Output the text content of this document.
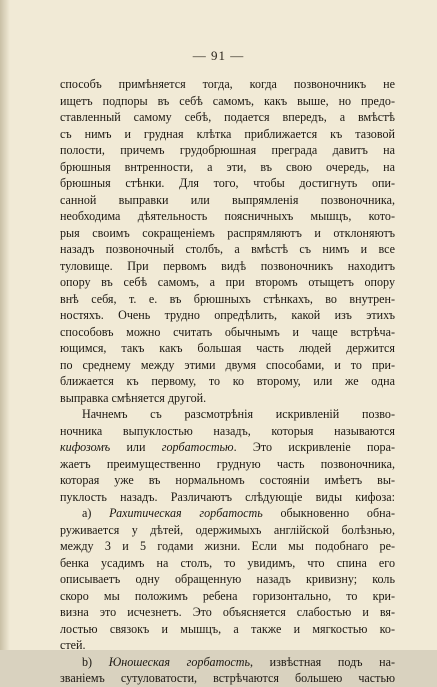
— 91 —
способъ примѣняется тогда, когда позвоночникъ не
ищетъ подпоры въ себѣ самомъ, какъ выше, но предо-
ставленный самому себѣ, подается впередъ, а вмѣстѣ
съ нимъ и грудная клѣтка приближается къ тазовой
полости, причемъ грудобрюшная преграда давитъ на
брюшныя внтренности, а эти, въ свою очередь, на
брюшныя стѣнки. Для того, чтобы достигнуть опи-
санной выправки или выпрямленія позвоночника,
необходима дѣятельность поясничныхъ мышцъ, кото-
рыя своимъ сокращеніемъ распрямляютъ и отклоняютъ
назадъ позвоночный столбъ, а вмѣстѣ съ нимъ и все
туловище. При первомъ видѣ позвоночникъ находитъ
опору въ себѣ самомъ, а при второмъ отыщетъ опору
внѣ себя, т. е. въ брюшныхъ стѣнкахъ, во внутрен-
ностяхъ. Очень трудно опредѣлить, какой изъ этихъ
способовъ можно считать обычнымъ и чаще встрѣча-
ющимся, такъ какъ большая часть людей держится
по среднему между этими двумя способами, и то при-
ближается къ первому, то ко второму, или же одна
выправка смѣняется другой.
Начнемъ съ разсмотрѣнія искривленій позво-
ночника выпуклостью назадъ, которыя называются
кифозомъ или горбатостью. Это искривленіе пора-
жаетъ преимущественно грудную часть позвоночника,
которая уже въ нормальномъ состояніи имѣетъ вы-
пуклость назадъ. Различаютъ слѣдующіе виды кифоза:
а) Рахитическая горбатость обыкновенно обна-
руживается у дѣтей, одержимыхъ англійской болѣзнью,
между 3 и 5 годами жизни. Если мы подобнаго ре-
бенка усадимъ на столъ, то увидимъ, что спина его
описываетъ одну обращенную назадъ кривизну; коль
скоро мы положимъ ребена горизонтально, то кри-
визна это исчезнетъ. Это объясняется слабостью и вя-
лостью связокъ и мышцъ, а также и мягкостью ко-
стей.
b) Юношеская горбатость, извѣстная подъ на-
званіемъ сутуловатости, встрѣчаются большею частью
